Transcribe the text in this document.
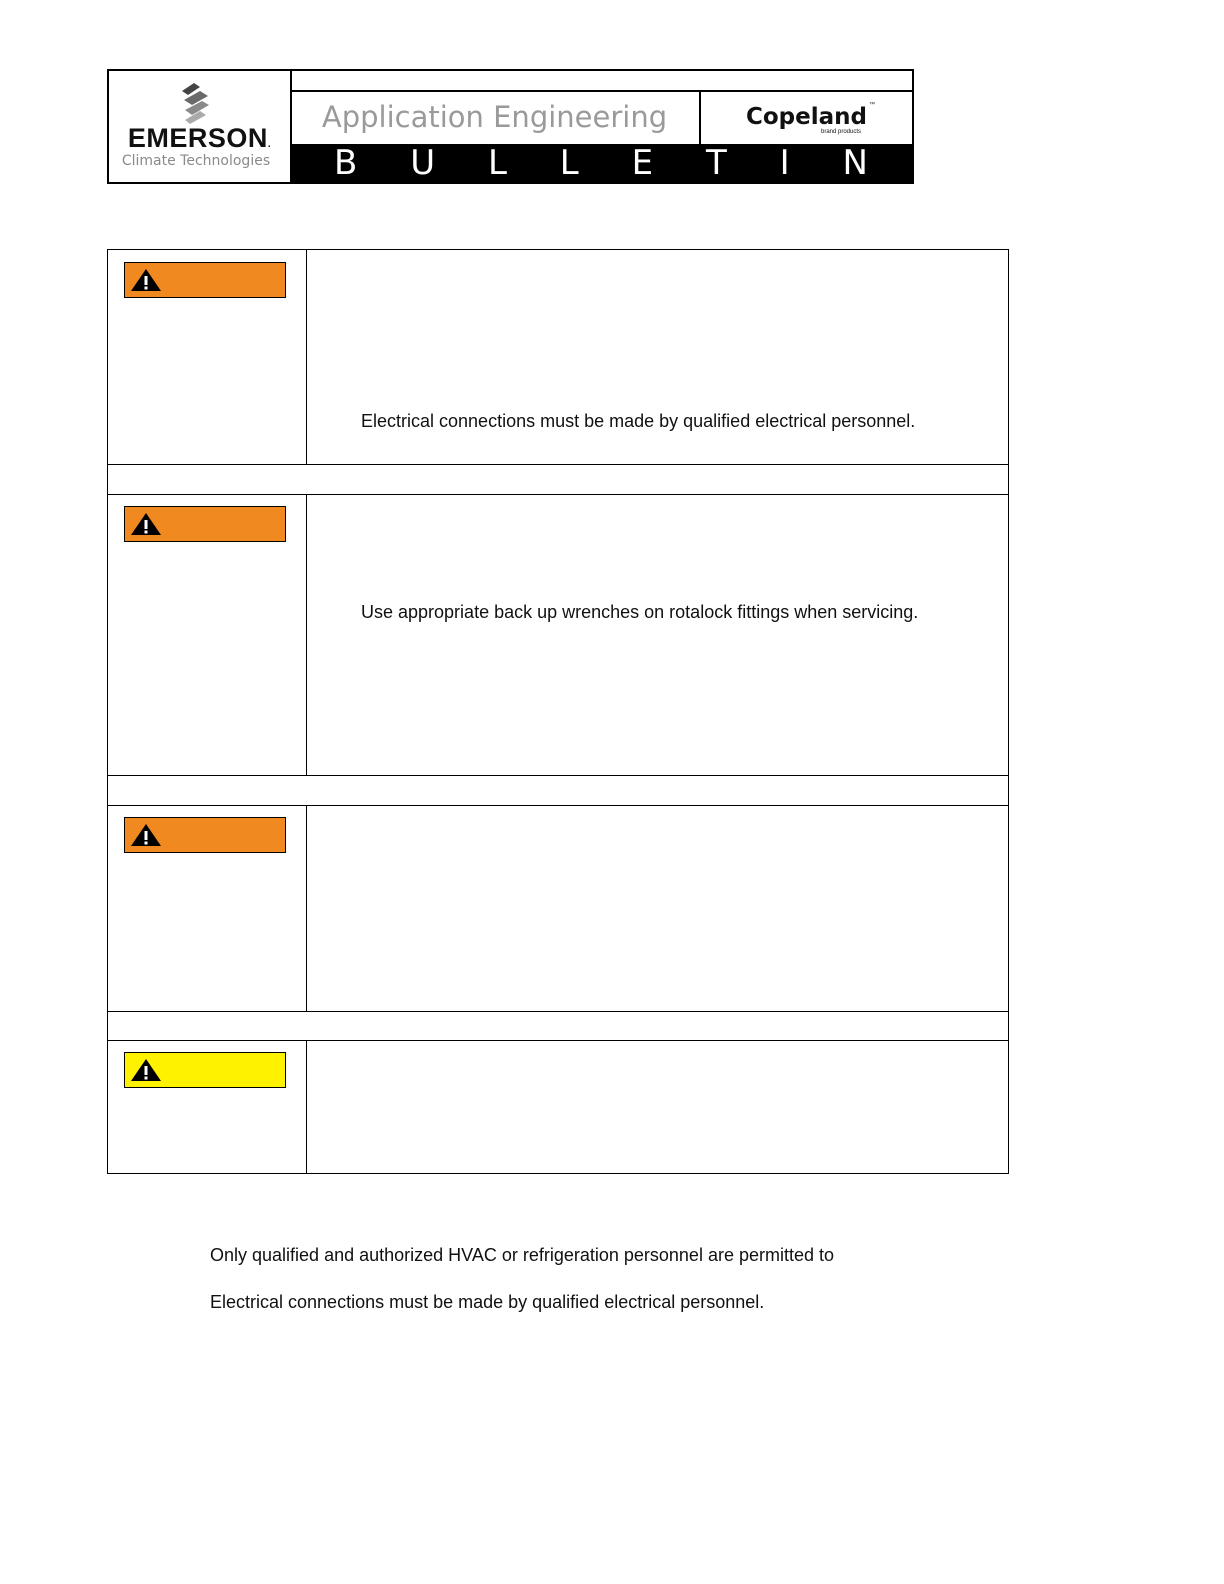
EMERSON.
Climate Technologies
Application Engineering	Copeland ™
brand products
B U L L E T I N
Electrical connections must be made by qualified electrical personnel.
Use appropriate back up wrenches on rotalock fittings when servicing.
Only qualified and authorized HVAC or refrigeration personnel are permitted to
Electrical connections must be made by qualified electrical personnel.
